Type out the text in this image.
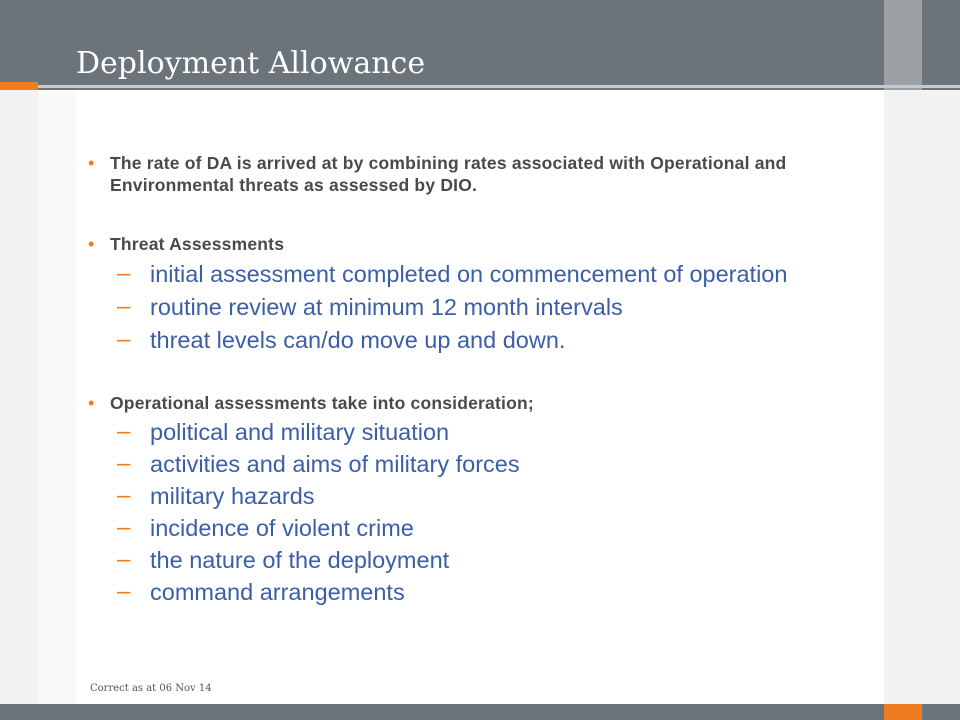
Deployment Allowance
• The rate of DA is arrived at by combining rates associated with Operational and Environmental threats as assessed by DIO.
• Threat Assessments
– initial assessment completed on commencement of operation
– routine review at minimum 12 month intervals
– threat levels can/do move up and down.
• Operational assessments take into consideration;
– political and military situation
– activities and aims of military forces
– military hazards
– incidence of violent crime
– the nature of the deployment
– command arrangements
Correct as at 06 Nov 14
